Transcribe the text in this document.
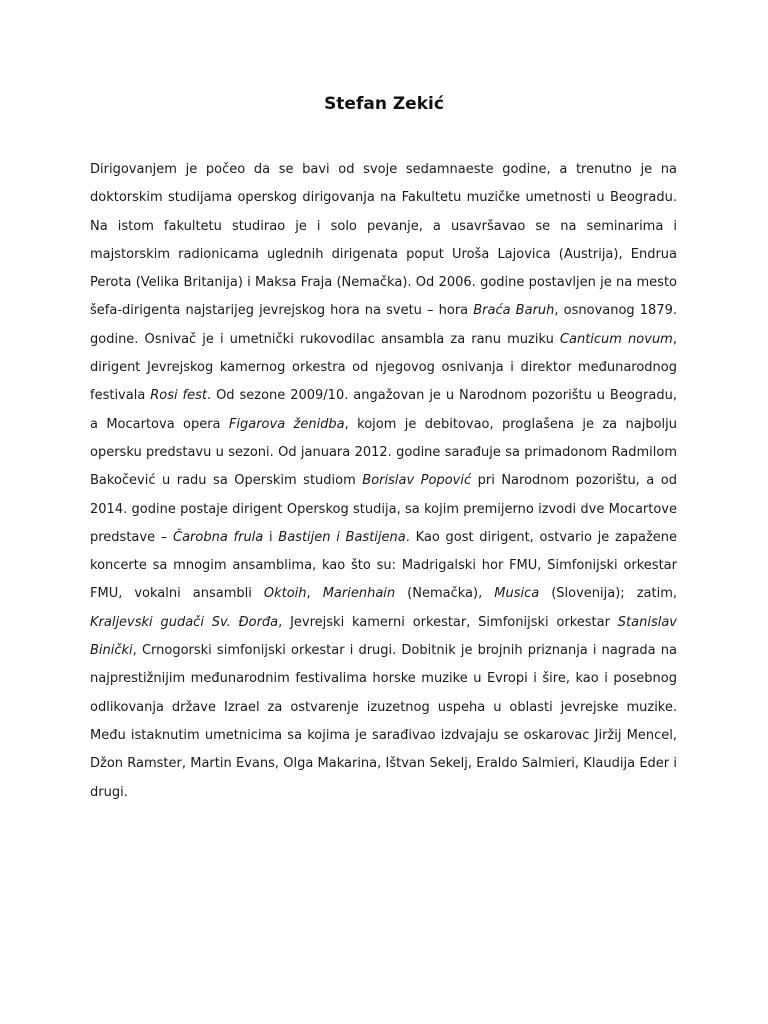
Stefan Zekić

Dirigovanjem je počeo da se bavi od svoje sedamnaeste godine, a trenutno je na doktorskim studijama operskog dirigovanja na Fakultetu muzičke umetnosti u Beogradu. Na istom fakultetu studirao je i solo pevanje, a usavršavao se na seminarima i majstorskim radionicama uglednih dirigenata poput Uroša Lajovica (Austrija), Endrua Perota (Velika Britanija) i Maksa Fraja (Nemačka). Od 2006. godine postavljen je na mesto šefa-dirigenta najstarijeg jevrejskog hora na svetu – hora Braća Baruh, osnovanog 1879. godine. Osnivač je i umetnički rukovodilac ansambla za ranu muziku Canticum novum, dirigent Jevrejskog kamernog orkestra od njegovog osnivanja i direktor međunarodnog festivala Rosi fest. Od sezone 2009/10. angažovan je u Narodnom pozorištu u Beogradu, a Mocartova opera Figarova ženidba, kojom je debitovao, proglašena je za najbolju opersku predstavu u sezoni. Od januara 2012. godine sarađuje sa primadonom Radmilom Bakočević u radu sa Operskim studiom Borislav Popović pri Narodnom pozorištu, a od 2014. godine postaje dirigent Operskog studija, sa kojim premijerno izvodi dve Mocartove predstave – Čarobna frula i Bastijen i Bastijena. Kao gost dirigent, ostvario je zapažene koncerte sa mnogim ansamblima, kao što su: Madrigalski hor FMU, Simfonijski orkestar FMU, vokalni ansambli Oktoih, Marienhain (Nemačka), Musica (Slovenija); zatim, Kraljevski gudači Sv. Đorđa, Jevrejski kamerni orkestar, Simfonijski orkestar Stanislav Binički, Crnogorski simfonijski orkestar i drugi. Dobitnik je brojnih priznanja i nagrada na najprestižnijim međunarodnim festivalima horske muzike u Evropi i šire, kao i posebnog odlikovanja države Izrael za ostvarenje izuzetnog uspeha u oblasti jevrejske muzike. Među istaknutim umetnicima sa kojima je sarađivao izdvajaju se oskarovac Jiržij Mencel, Džon Ramster, Martin Evans, Olga Makarina, Ištvan Sekelj, Eraldo Salmieri, Klaudija Eder i drugi.
